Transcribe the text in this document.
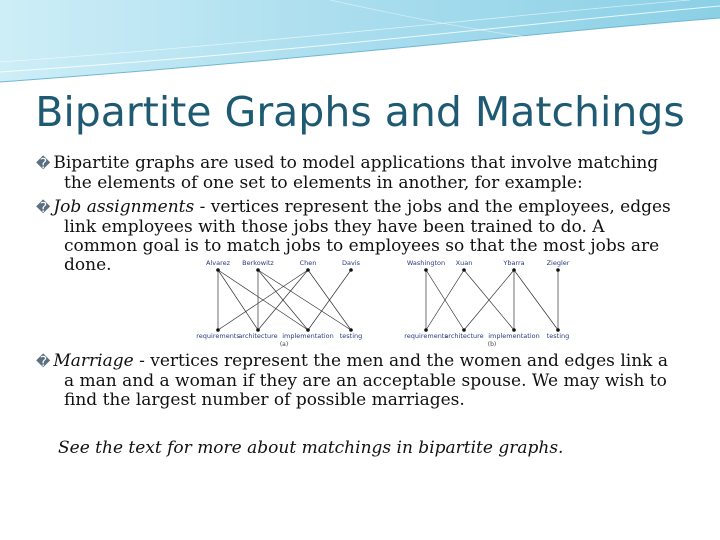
Bipartite Graphs and Matchings
� Bipartite graphs are used to model applications that involve matching
the elements of one set to elements in another, for example:
� Job assignments - vertices represent the jobs and the employees, edges
link employees with those jobs they have been trained to do. A
common goal is to match jobs to employees so that the most jobs are
done.	Alvarez Berkowitz	Chen	Davis
requirements
architecture implementation testing
(a)
Washington Xuan	Ybarra	Ziegler
requirements
architecture implementation testing
(b)
� Marriage - vertices represent the men and the women and edges link a
a man and a woman if they are an acceptable spouse. We may wish to
find the largest number of possible marriages.
See the text for more about matchings in bipartite graphs.
